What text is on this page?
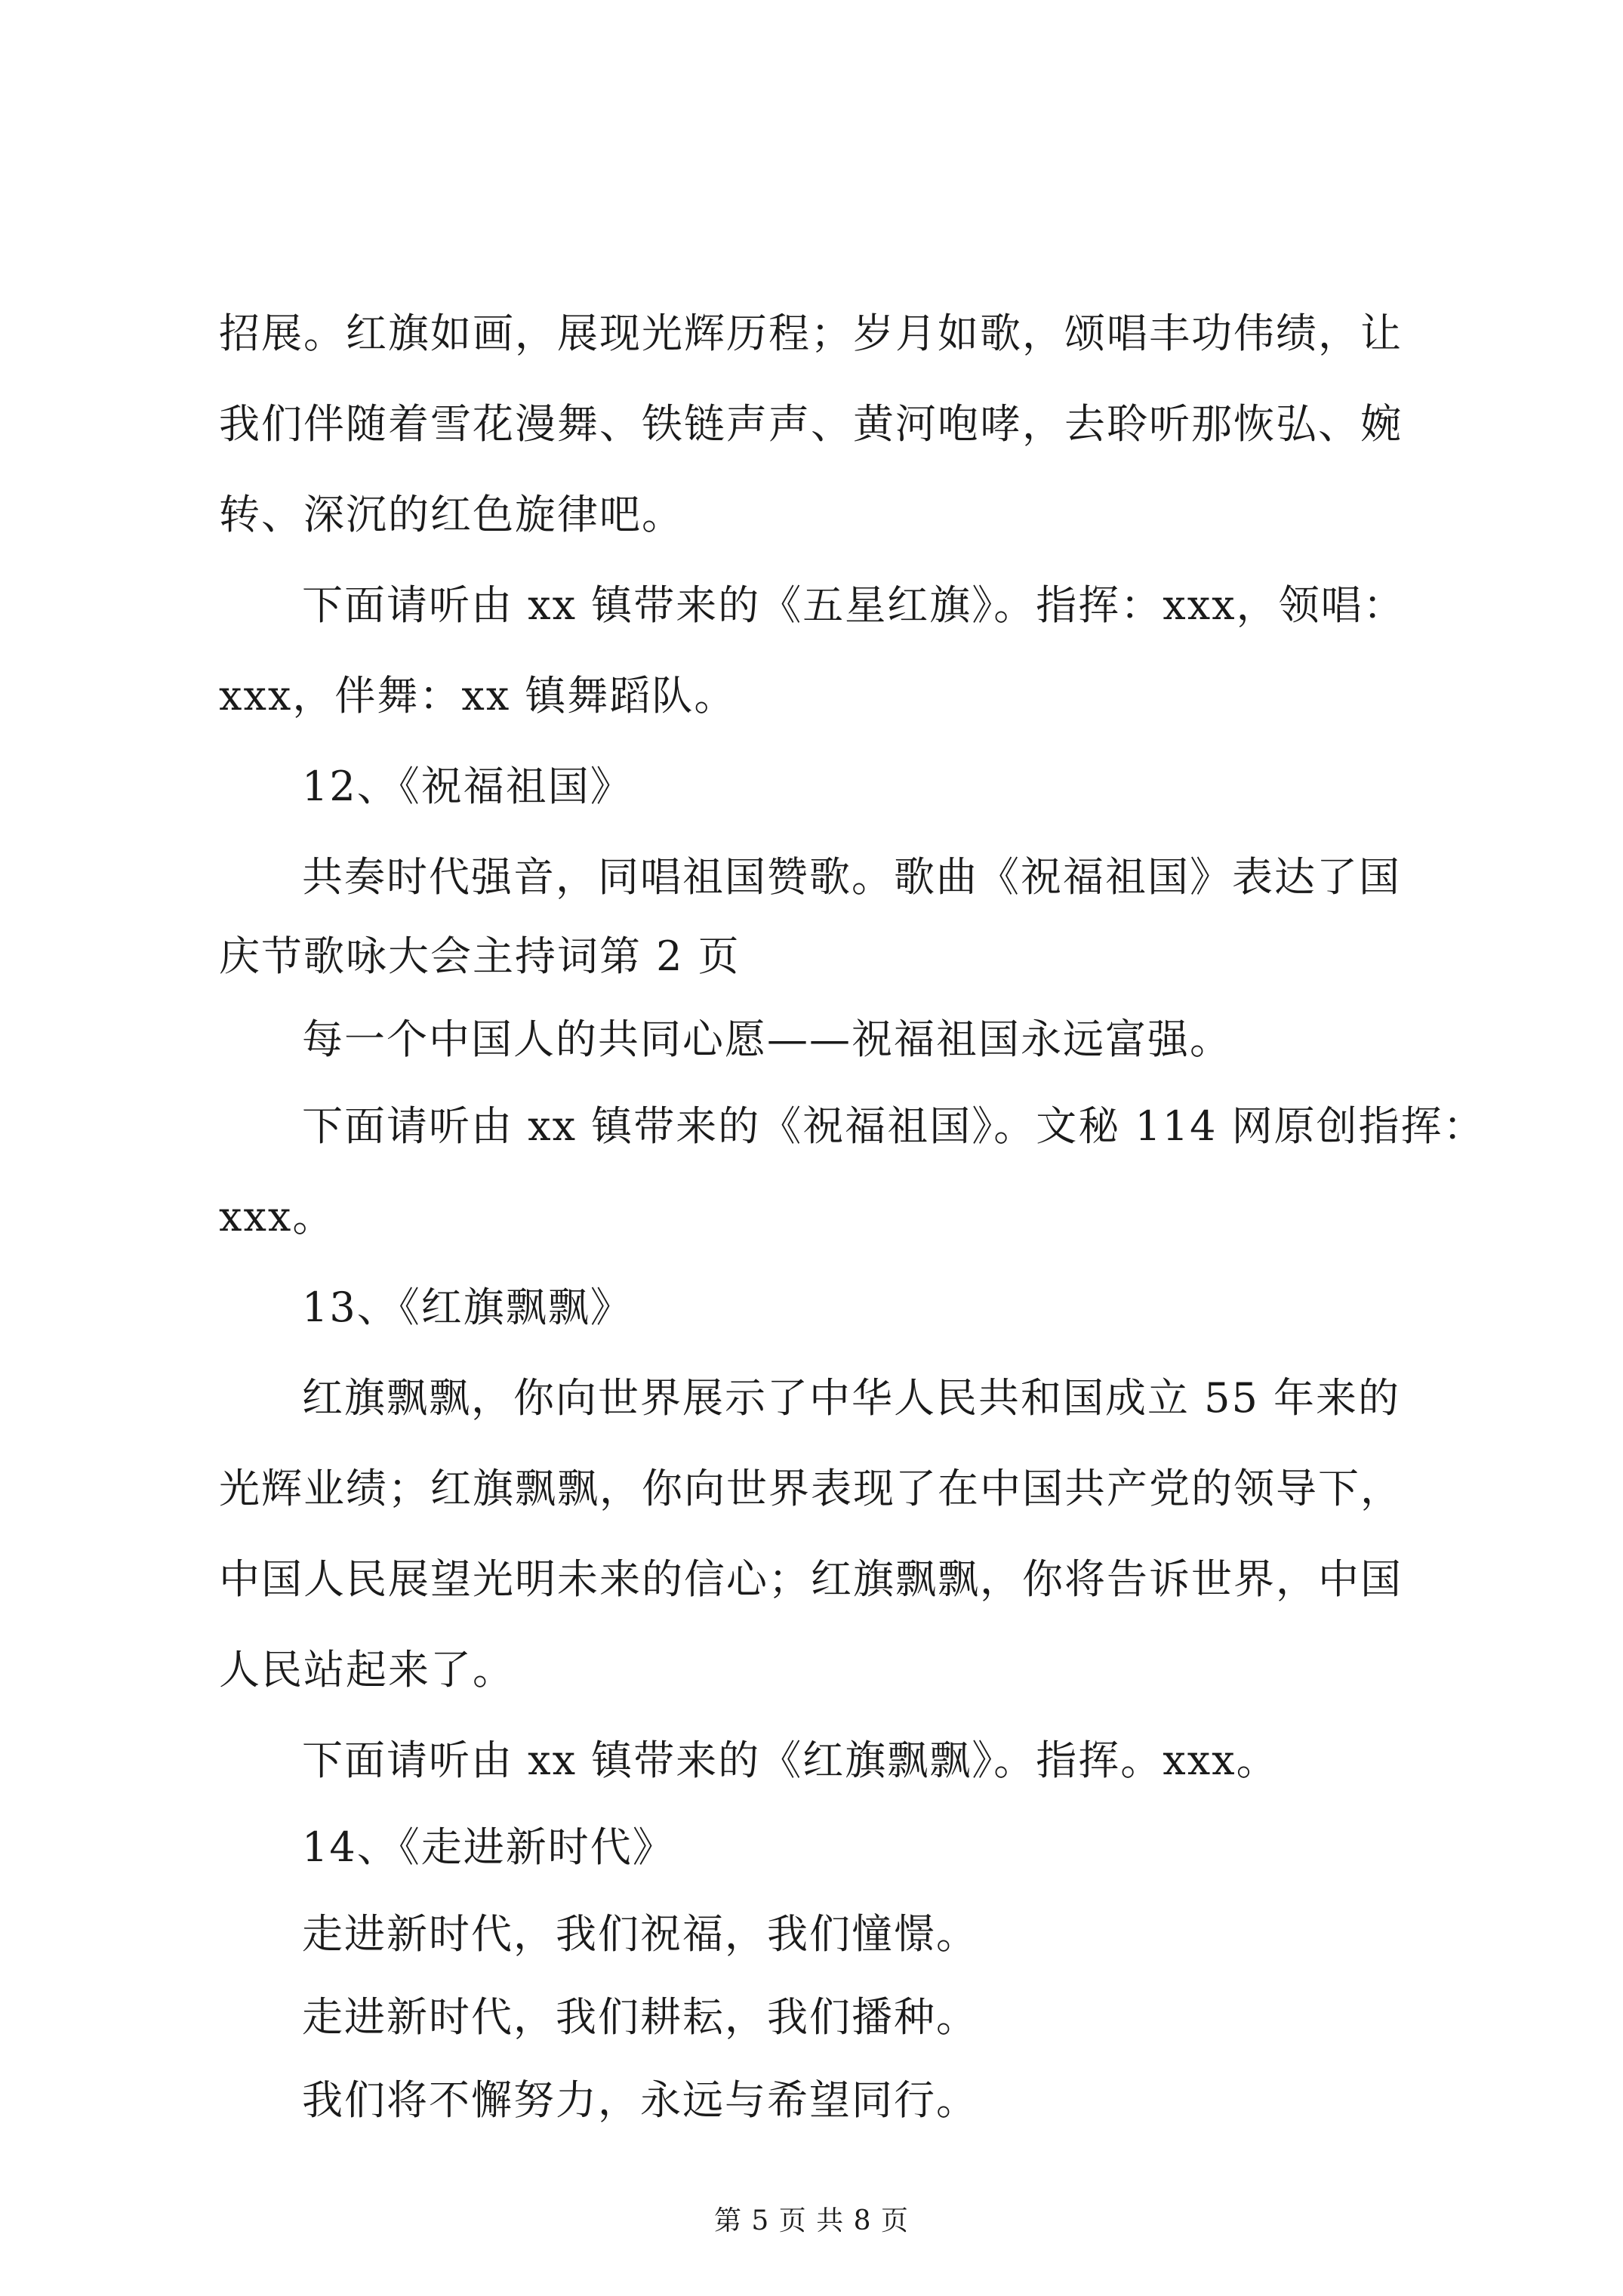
招展。红旗如画，展现光辉历程；岁月如歌，颂唱丰功伟绩，让
我们伴随着雪花漫舞、铁链声声、黄河咆哮，去聆听那恢弘、婉
转、深沉的红色旋律吧。
下面请听由 xx 镇带来的《五星红旗》。指挥：xxx，领唱：
xxx，伴舞：xx 镇舞蹈队。
12、《祝福祖国》
共奏时代强音，同唱祖国赞歌。歌曲《祝福祖国》表达了国
庆节歌咏大会主持词第 2 页
每一个中国人的共同心愿——祝福祖国永远富强。
下面请听由 xx 镇带来的《祝福祖国》。文秘 114 网原创指挥：
xxx。
13、《红旗飘飘》
红旗飘飘，你向世界展示了中华人民共和国成立 55 年来的
光辉业绩；红旗飘飘，你向世界表现了在中国共产党的领导下，
中国人民展望光明未来的信心；红旗飘飘，你将告诉世界，中国
人民站起来了。
下面请听由 xx 镇带来的《红旗飘飘》。指挥。xxx。
14、《走进新时代》
走进新时代，我们祝福，我们憧憬。
走进新时代，我们耕耘，我们播种。
我们将不懈努力，永远与希望同行。
第 5 页 共 8 页
